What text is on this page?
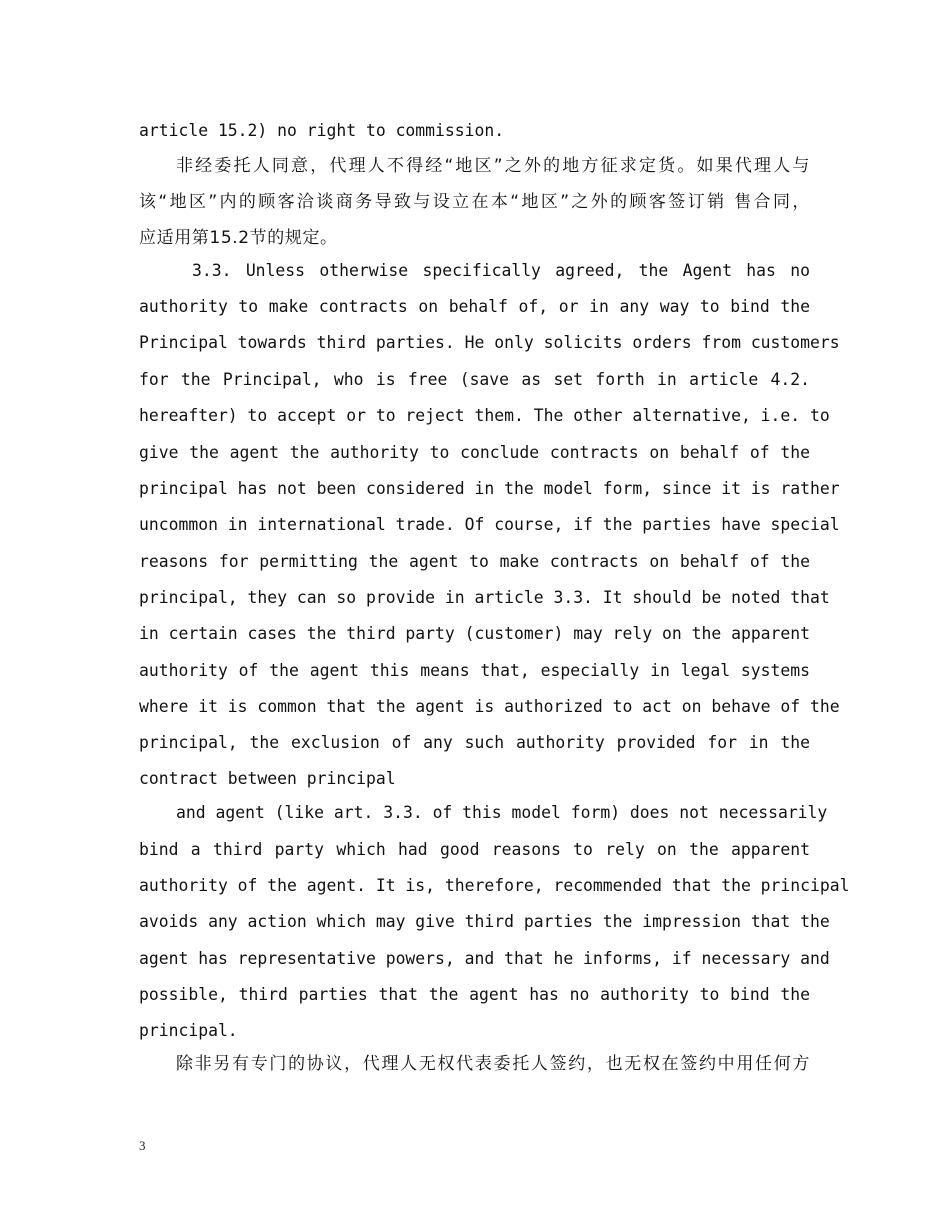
article 15.2) no right to commission.
非经委托人同意，代理人不得经“地区”之外的地方征求定货。如果代理人与
该“地区”内的顾客洽谈商务导致与设立在本“地区”之外的顾客签订销 售合同，
应适用第15.2节的规定。
3.3. Unless otherwise specifically agreed, the Agent has no
authority to make contracts on behalf of, or in any way to bind the
Principal towards third parties. He only solicits orders from customers
for the Principal, who is free (save as set forth in article 4.2.
hereafter) to accept or to reject them. The other alternative, i.e. to
give the agent the authority to conclude contracts on behalf of the
principal has not been considered in the model form, since it is rather
uncommon in international trade. Of course, if the parties have special
reasons for permitting the agent to make contracts on behalf of the
principal, they can so provide in article 3.3. It should be noted that
in certain cases the third party (customer) may rely on the apparent
authority of the agent this means that, especially in legal systems
where it is common that the agent is authorized to act on behave of the
principal, the exclusion of any such authority provided for in the
contract between principal
and agent (like art. 3.3. of this model form) does not necessarily
bind a third party which had good reasons to rely on the apparent
authority of the agent. It is, therefore, recommended that the principal
avoids any action which may give third parties the impression that the
agent has representative powers, and that he informs, if necessary and
possible, third parties that the agent has no authority to bind the
principal.
除非另有专门的协议，代理人无权代表委托人签约，也无权在签约中用任何方
3
